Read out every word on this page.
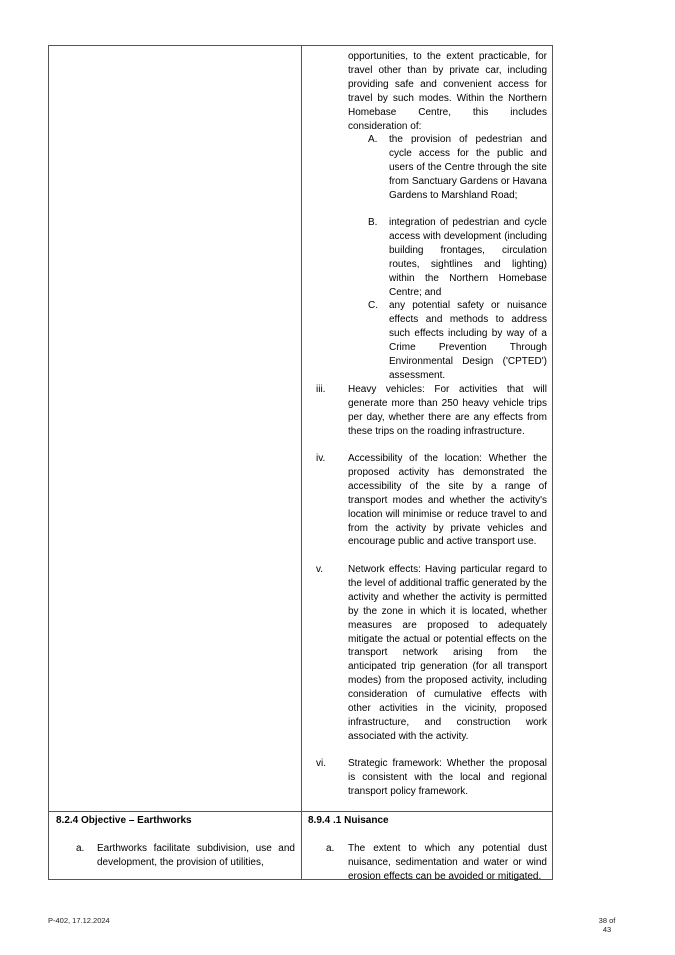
opportunities, to the extent practicable, for travel other than by private car, including providing safe and convenient access for travel by such modes. Within the Northern Homebase Centre, this includes consideration of:
A. the provision of pedestrian and cycle access for the public and users of the Centre through the site from Sanctuary Gardens or Havana Gardens to Marshland Road;
B. integration of pedestrian and cycle access with development (including building frontages, circulation routes, sightlines and lighting) within the Northern Homebase Centre; and
C. any potential safety or nuisance effects and methods to address such effects including by way of a Crime Prevention Through Environmental Design ('CPTED') assessment.
iii. Heavy vehicles: For activities that will generate more than 250 heavy vehicle trips per day, whether there are any effects from these trips on the roading infrastructure.
iv. Accessibility of the location: Whether the proposed activity has demonstrated the accessibility of the site by a range of transport modes and whether the activity's location will minimise or reduce travel to and from the activity by private vehicles and encourage public and active transport use.
v. Network effects: Having particular regard to the level of additional traffic generated by the activity and whether the activity is permitted by the zone in which it is located, whether measures are proposed to adequately mitigate the actual or potential effects on the transport network arising from the anticipated trip generation (for all transport modes) from the proposed activity, including consideration of cumulative effects with other activities in the vicinity, proposed infrastructure, and construction work associated with the activity.
vi. Strategic framework: Whether the proposal is consistent with the local and regional transport policy framework.
8.2.4 Objective – Earthworks
a. Earthworks facilitate subdivision, use and development, the provision of utilities,
8.9.4 .1 Nuisance
a. The extent to which any potential dust nuisance, sedimentation and water or wind erosion effects can be avoided or mitigated.
P-402, 17.12.2024	38 of
43
